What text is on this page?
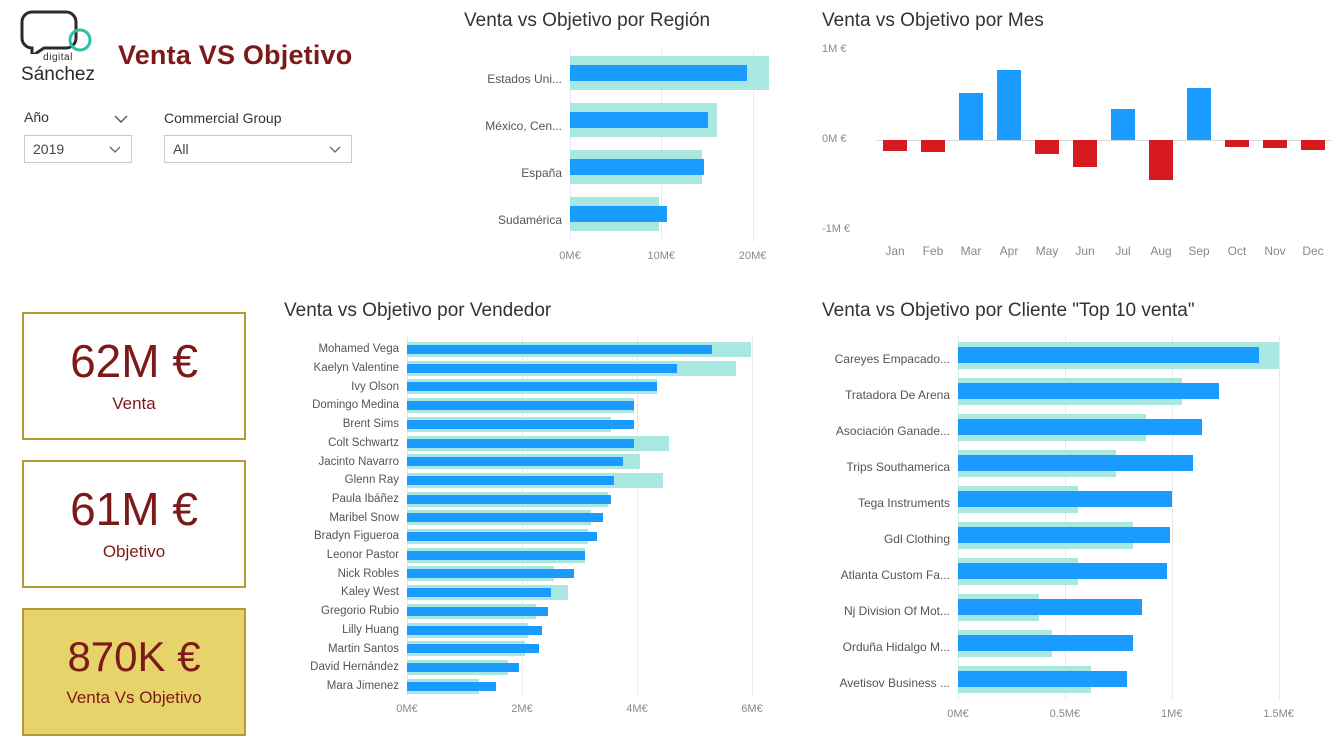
digital
Sánchez
Venta VS Objetivo
Año
2019
Commercial Group
All
62M €
Venta
61M €
Objetivo
870K €
Venta Vs Objetivo
Venta vs Objetivo por Región
0M€	10M€	20M€
Estados Uni...
México, Cen...
España
Sudamérica
Venta vs Objetivo por Mes
-1M €
0M €
1M €
Jan	Feb	Mar	Apr	May	Jun	Jul	Aug	Sep	Oct	Nov	Dec
Venta vs Objetivo por Vendedor
0M€	2M€	4M€	6M€
Mohamed Vega
Kaelyn Valentine
Ivy Olson
Domingo Medina
Brent Sims
Colt Schwartz
Jacinto Navarro
Glenn Ray
Paula Ibáñez
Maribel Snow
Bradyn Figueroa
Leonor Pastor
Nick Robles
Kaley West
Gregorio Rubio
Lilly Huang
Martin Santos
David Hernández
Mara Jimenez
Venta vs Objetivo por Cliente "Top 10 venta"
0M€	0.5M€	1M€	1.5M€
Careyes Empacado...
Tratadora De Arena
Asociación Ganade...
Trips Southamerica
Tega Instruments
Gdl Clothing
Atlanta Custom Fa...
Nj Division Of Mot...
Orduña Hidalgo M...
Avetisov Business ...
